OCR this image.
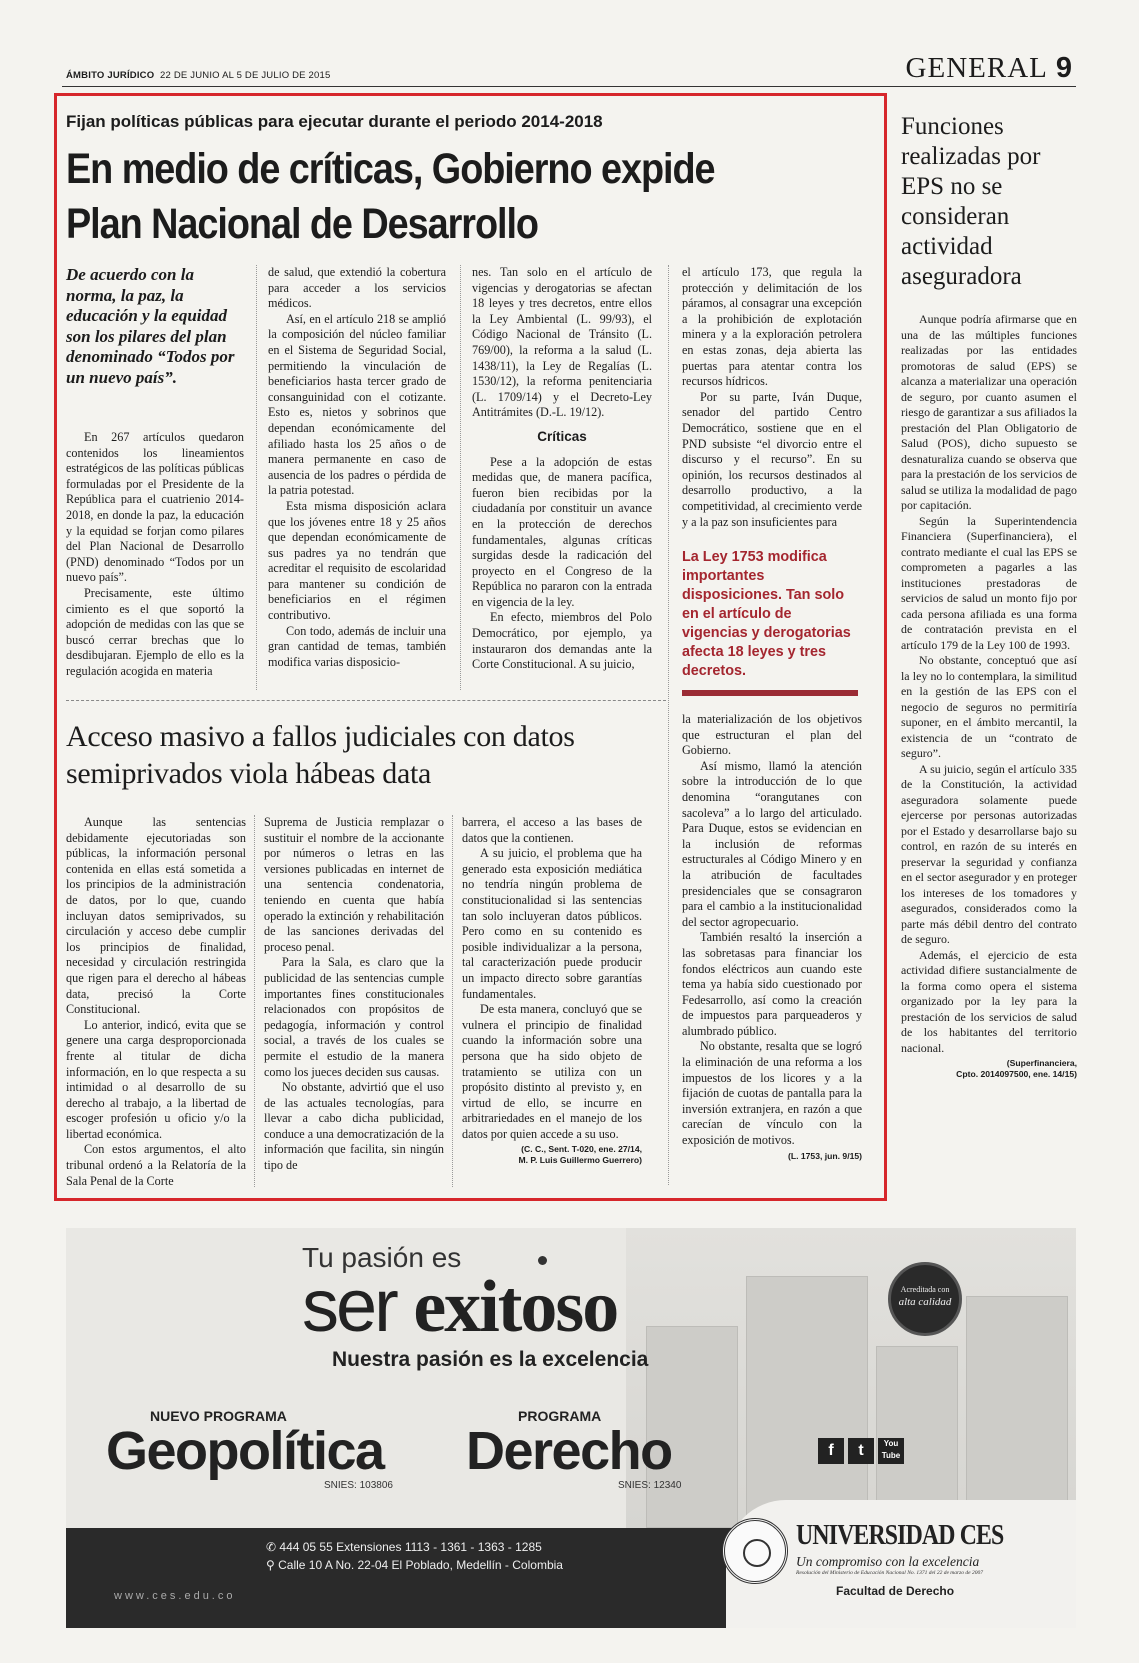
ÁMBITO JURÍDICO 22 DE JUNIO AL 5 DE JULIO DE 2015	GENERAL 9
Fijan políticas públicas para ejecutar durante el periodo 2014-2018
En medio de críticas, Gobierno expide Plan Nacional de Desarrollo
De acuerdo con la norma, la paz, la educación y la equidad son los pilares del plan denominado “Todos por un nuevo país”.

En 267 artículos quedaron contenidos los lineamientos estratégicos de las políticas públicas formuladas por el Presidente de la República para el cuatrienio 2014-2018, en donde la paz, la educación y la equidad se forjan como pilares del Plan Nacional de Desarrollo (PND) denominado “Todos por un nuevo país”.

Precisamente, este último cimiento es el que soportó la adopción de medidas con las que se buscó cerrar brechas que lo desdibujaran. Ejemplo de ello es la regulación acogida en materia

de salud, que extendió la cobertura para acceder a los servicios médicos.

Así, en el artículo 218 se amplió la composición del núcleo familiar en el Sistema de Seguridad Social, permitiendo la vinculación de beneficiarios hasta tercer grado de consanguinidad con el cotizante. Esto es, nietos y sobrinos que dependan económicamente del afiliado hasta los 25 años o de manera permanente en caso de ausencia de los padres o pérdida de la patria potestad.

Esta misma disposición aclara que los jóvenes entre 18 y 25 años que dependan económicamente de sus padres ya no tendrán que acreditar el requisito de escolaridad para mantener su condición de beneficiarios en el régimen contributivo.

Con todo, además de incluir una gran cantidad de temas, también modifica varias disposicio-

nes. Tan solo en el artículo de vigencias y derogatorias se afectan 18 leyes y tres decretos, entre ellos la Ley Ambiental (L. 99/93), el Código Nacional de Tránsito (L. 769/00), la reforma a la salud (L. 1438/11), la Ley de Regalías (L. 1530/12), la reforma penitenciaria (L. 1709/14) y el Decreto-Ley Antitrámites (D.-L. 19/12).

Críticas

Pese a la adopción de estas medidas que, de manera pacífica, fueron bien recibidas por la ciudadanía por constituir un avance en la protección de derechos fundamentales, algunas críticas surgidas desde la radicación del proyecto en el Congreso de la República no pararon con la entrada en vigencia de la ley.

En efecto, miembros del Polo Democrático, por ejemplo, ya instauraron dos demandas ante la Corte Constitucional. A su juicio,

el artículo 173, que regula la protección y delimitación de los páramos, al consagrar una excepción a la prohibición de explotación minera y a la exploración petrolera en estas zonas, deja abierta las puertas para atentar contra los recursos hídricos.

Por su parte, Iván Duque, senador del partido Centro Democrático, sostiene que en el PND subsiste “el divorcio entre el discurso y el recurso”. En su opinión, los recursos destinados al desarrollo productivo, a la competitividad, al crecimiento verde y a la paz son insuficientes para

La Ley 1753 modifica importantes disposiciones. Tan solo en el artículo de vigencias y derogatorias afecta 18 leyes y tres decretos.

la materialización de los objetivos que estructuran el plan del Gobierno.

Así mismo, llamó la atención sobre la introducción de lo que denomina “orangutanes con sacoleva” a lo largo del articulado. Para Duque, estos se evidencian en la inclusión de reformas estructurales al Código Minero y en la atribución de facultades presidenciales que se consagraron para el cambio a la institucionalidad del sector agropecuario.

También resaltó la inserción a las sobretasas para financiar los fondos eléctricos aun cuando este tema ya había sido cuestionado por Fedesarrollo, así como la creación de impuestos para parqueaderos y alumbrado público.

No obstante, resalta que se logró la eliminación de una reforma a los impuestos de los licores y a la fijación de cuotas de pantalla para la inversión extranjera, en razón a que carecían de vínculo con la exposición de motivos.

(L. 1753, jun. 9/15)
Acceso masivo a fallos judiciales con datos semiprivados viola hábeas data

Aunque las sentencias debidamente ejecutoriadas son públicas, la información personal contenida en ellas está sometida a los principios de la administración de datos, por lo que, cuando incluyan datos semiprivados, su circulación y acceso debe cumplir los principios de finalidad, necesidad y circulación restringida que rigen para el derecho al hábeas data, precisó la Corte Constitucional.

Lo anterior, indicó, evita que se genere una carga desproporcionada frente al titular de dicha información, en lo que respecta a su intimidad o al desarrollo de su derecho al trabajo, a la libertad de escoger profesión u oficio y/o la libertad económica.

Con estos argumentos, el alto tribunal ordenó a la Relatoría de la Sala Penal de la Corte

Suprema de Justicia remplazar o sustituir el nombre de la accionante por números o letras en las versiones publicadas en internet de una sentencia condenatoria, teniendo en cuenta que había operado la extinción y rehabilitación de las sanciones derivadas del proceso penal.

Para la Sala, es claro que la publicidad de las sentencias cumple importantes fines constitucionales relacionados con propósitos de pedagogía, información y control social, a través de los cuales se permite el estudio de la manera como los jueces deciden sus causas.

No obstante, advirtió que el uso de las actuales tecnologías, para llevar a cabo dicha publicidad, conduce a una democratización de la información que facilita, sin ningún tipo de

barrera, el acceso a las bases de datos que la contienen.

A su juicio, el problema que ha generado esta exposición mediática no tendría ningún problema de constitucionalidad si las sentencias tan solo incluyeran datos públicos. Pero como en su contenido es posible individualizar a la persona, tal caracterización puede producir un impacto directo sobre garantías fundamentales.

De esta manera, concluyó que se vulnera el principio de finalidad cuando la información sobre una persona que ha sido objeto de tratamiento se utiliza con un propósito distinto al previsto y, en virtud de ello, se incurre en arbitrariedades en el manejo de los datos por quien accede a su uso.

(C. C., Sent. T-020, ene. 27/14,
M. P. Luis Guillermo Guerrero)
Funciones realizadas por EPS no se consideran actividad aseguradora

Aunque podría afirmarse que en una de las múltiples funciones realizadas por las entidades promotoras de salud (EPS) se alcanza a materializar una operación de seguro, por cuanto asumen el riesgo de garantizar a sus afiliados la prestación del Plan Obligatorio de Salud (POS), dicho supuesto se desnaturaliza cuando se observa que para la prestación de los servicios de salud se utiliza la modalidad de pago por capitación.

Según la Superintendencia Financiera (Superfinanciera), el contrato mediante el cual las EPS se comprometen a pagarles a las instituciones prestadoras de servicios de salud un monto fijo por cada persona afiliada es una forma de contratación prevista en el artículo 179 de la Ley 100 de 1993.

No obstante, conceptuó que así la ley no lo contemplara, la similitud en la gestión de las EPS con el negocio de seguros no permitiría suponer, en el ámbito mercantil, la existencia de un “contrato de seguro”.

A su juicio, según el artículo 335 de la Constitución, la actividad aseguradora solamente puede ejercerse por personas autorizadas por el Estado y desarrollarse bajo su control, en razón de su interés en preservar la seguridad y confianza en el sector asegurador y en proteger los intereses de los tomadores y asegurados, considerados como la parte más débil dentro del contrato de seguro.

Además, el ejercicio de esta actividad difiere sustancialmente de la forma como opera el sistema organizado por la ley para la prestación de los servicios de salud de los habitantes del territorio nacional.

(Superfinanciera,
Cpto. 2014097500, ene. 14/15)
Tu pasión es
ser exitoso
Nuestra pasión es la excelencia
NUEVO PROGRAMA
Geopolítica
SNIES: 103806
PROGRAMA
Derecho
SNIES: 12340
Acreditada con
alta calidad
f	t	You Tube
✆ 444 05 55 Extensiones 1113 - 1361 - 1363 - 1285
⚲ Calle 10 A No. 22-04 El Poblado, Medellín - Colombia
www.ces.edu.co
UNIVERSIDAD CES
Un compromiso con la excelencia
Resolución del Ministerio de Educación Nacional No. 1371 del 22 de marzo de 2007
Facultad de Derecho
